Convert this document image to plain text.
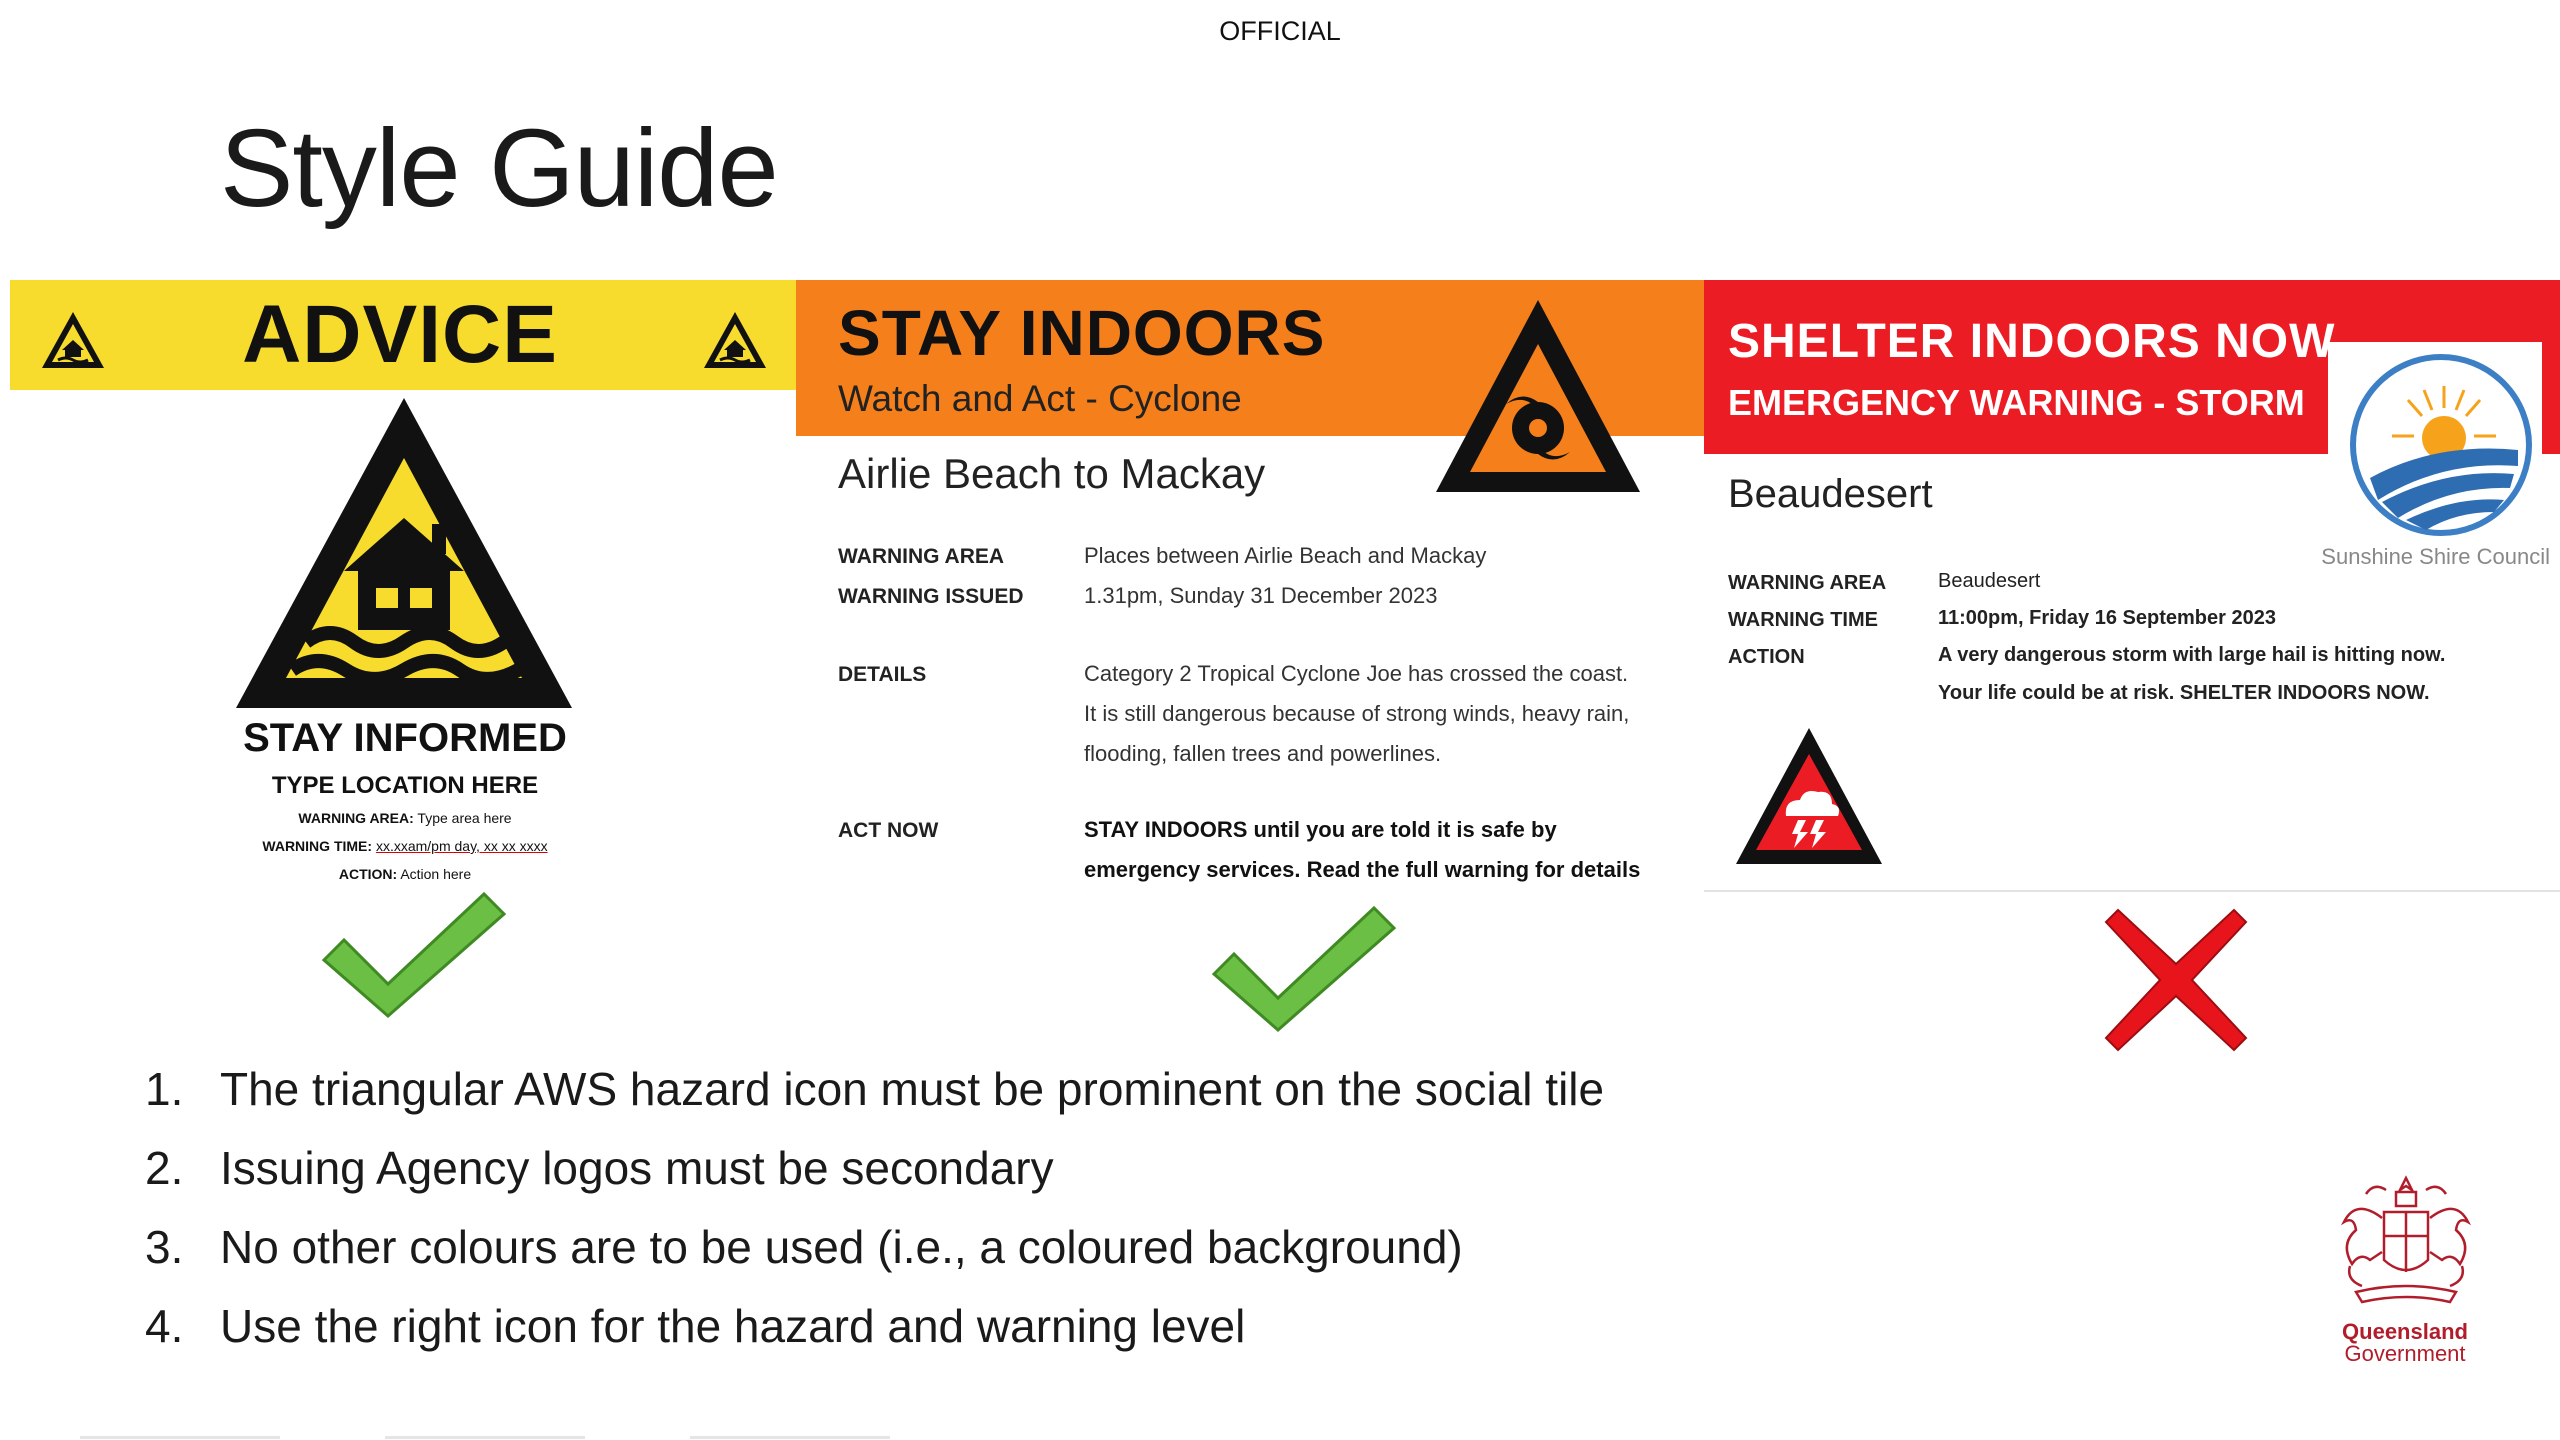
OFFICIAL
Style Guide
ADVICE
STAY INFORMED
TYPE LOCATION HERE
WARNING AREA: Type area here
WARNING TIME: xx.xxam/pm day, xx xx xxxx
ACTION: Action here
STAY INDOORS
Watch and Act - Cyclone
Airlie Beach to Mackay
WARNING AREA	Places between Airlie Beach and Mackay
WARNING ISSUED	1.31pm, Sunday 31 December 2023
DETAILS	Category 2 Tropical Cyclone Joe has crossed the coast.
It is still dangerous because of strong winds, heavy rain,
flooding, fallen trees and powerlines.
ACT NOW	STAY INDOORS until you are told it is safe by
emergency services. Read the full warning for details
SHELTER INDOORS NOW
EMERGENCY WARNING - STORM
Sunshine Shire Council
Beaudesert
WARNING AREA	Beaudesert
WARNING TIME	11:00pm, Friday 16 September 2023
ACTION	A very dangerous storm with large hail is hitting now.
Your life could be at risk. SHELTER INDOORS NOW.
1. The triangular AWS hazard icon must be prominent on the social tile
2. Issuing Agency logos must be secondary
3. No other colours are to be used (i.e., a coloured background)
4. Use the right icon for the hazard and warning level	Queensland
Government
